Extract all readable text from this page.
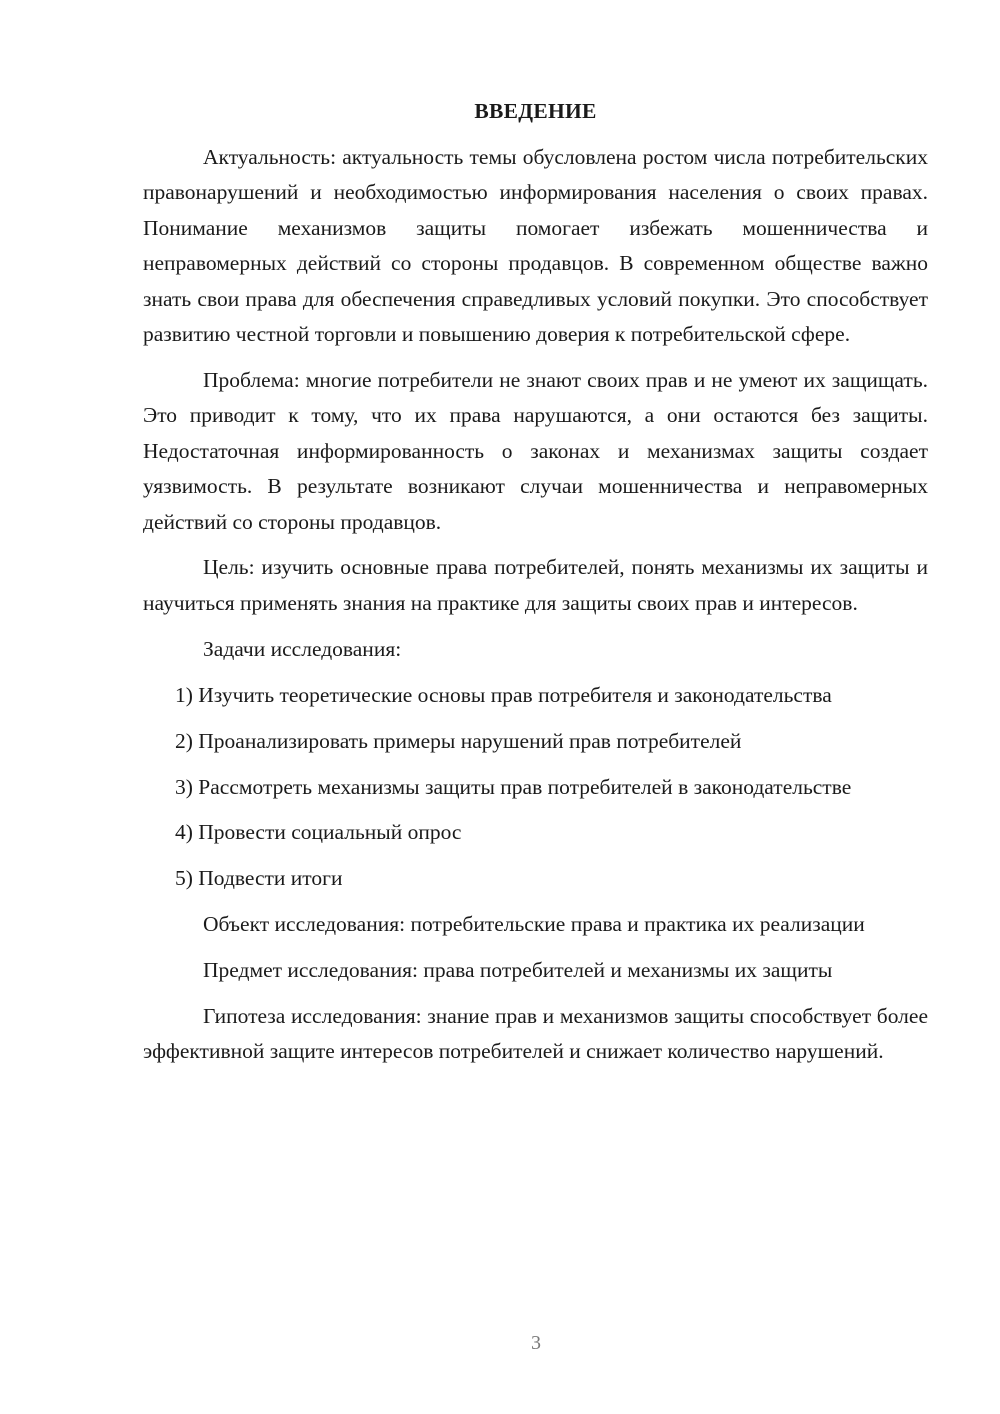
ВВЕДЕНИЕ
Актуальность: актуальность темы обусловлена ростом числа потребительских правонарушений и необходимостью информирования населения о своих правах. Понимание механизмов защиты помогает избежать мошенничества и неправомерных действий со стороны продавцов. В современном обществе важно знать свои права для обеспечения справедливых условий покупки. Это способствует развитию честной торговли и повышению доверия к потребительской сфере.
Проблема: многие потребители не знают своих прав и не умеют их защищать. Это приводит к тому, что их права нарушаются, а они остаются без защиты. Недостаточная информированность о законах и механизмах защиты создает уязвимость. В результате возникают случаи мошенничества и неправомерных действий со стороны продавцов.
Цель: изучить основные права потребителей, понять механизмы их защиты и научиться применять знания на практике для защиты своих прав и интересов.
Задачи исследования:
1) Изучить теоретические основы прав потребителя и законодательства
2) Проанализировать примеры нарушений прав потребителей
3) Рассмотреть механизмы защиты прав потребителей в законодательстве
4) Провести социальный опрос
5) Подвести итоги
Объект исследования: потребительские права и практика их реализации
Предмет исследования: права потребителей и механизмы их защиты
Гипотеза исследования: знание прав и механизмов защиты способствует более эффективной защите интересов потребителей и снижает количество нарушений.
3
